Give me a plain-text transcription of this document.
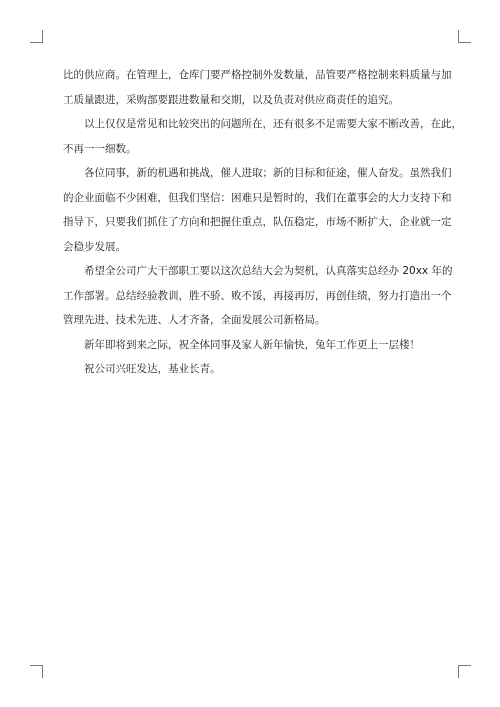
比的供应商。在管理上，仓库门要严格控制外发数量，品管要严格控制来料质量与加
工质量跟进，采购部要跟进数量和交期，以及负责对供应商责任的追究。

以上仅仅是常见和比较突出的问题所在，还有很多不足需要大家不断改善，在此，
不再一一细数。

各位同事，新的机遇和挑战，催人进取；新的目标和征途，催人奋发。虽然我们
的企业面临不少困难，但我们坚信：困难只是暂时的，我们在董事会的大力支持下和
指导下，只要我们抓住了方向和把握住重点，队伍稳定，市场不断扩大，企业就一定
会稳步发展。

希望全公司广大干部职工要以这次总结大会为契机，认真落实总经办 20xx 年的
工作部署。总结经验教训，胜不骄、败不馁，再接再厉，再创佳绩，努力打造出一个
管理先进、技术先进、人才齐备，全面发展公司新格局。

新年即将到来之际，祝全体同事及家人新年愉快，兔年工作更上一层楼！

祝公司兴旺发达，基业长青。
